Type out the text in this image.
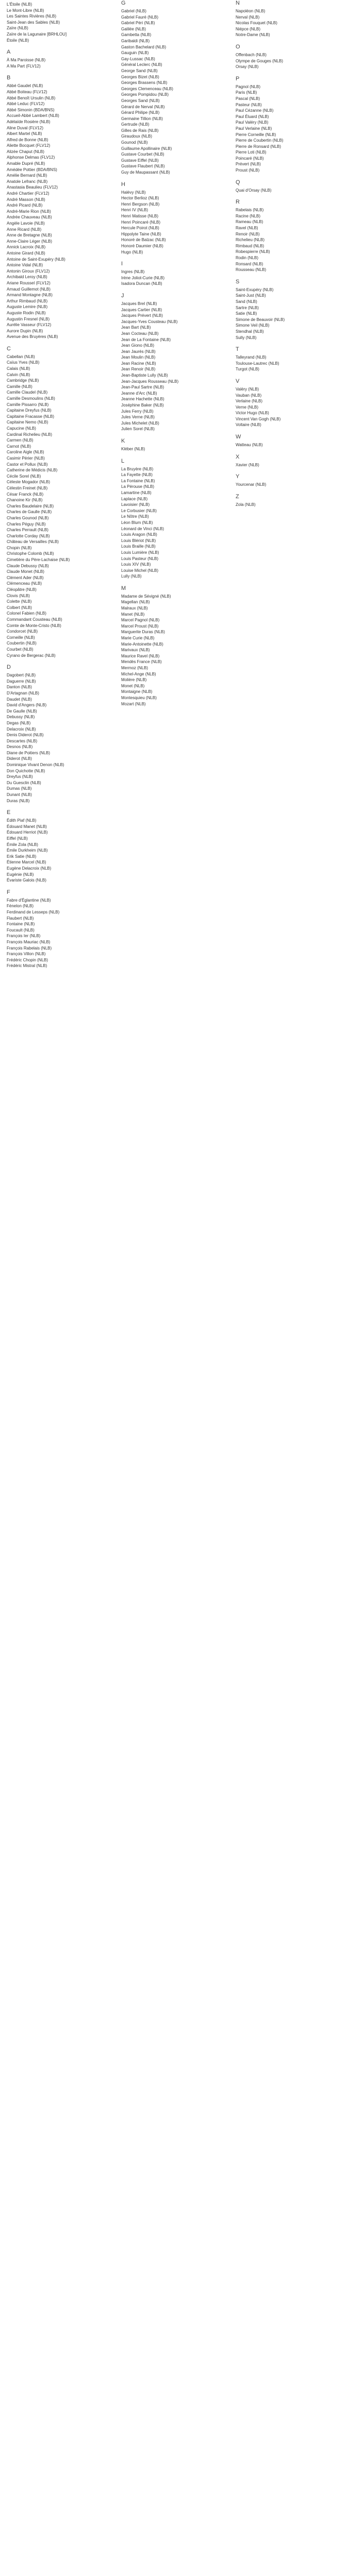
L'Étoile (NLB)
Le Mont-Libre (NLB)
Les Saintes Rivières (NLB)
Saint-Jean des Sables (NLB)
Zaïre (NLB)
Zaïre de la Lagunaire [BRHLOU]
Étoile (NLB)
A
À Ma Paroisse (NLB)
A Ma Part (FLV12)
B
Abbé Gaudet (NLB)
Abbé Boiteau (FLV12)
Abbé Benoît Ursulin (NLB)
Abbé Leduc (FLV12)
Abbé Simonin (BDA/BNS)
Accueil-Abbé Lambert (NLB)
Adélaïde Rosière (NLB)
Aline Duval (FLV12)
Albert Martel (NLB)
Alfred de Bonne (NLB)
Aliette Bocquet (FLV12)
Alizée Chaput (NLB)
Alphonse Delmas (FLV12)
Amable Dupré (NLB)
Amédée Pottier (BDA/BNS)
Amélie Bernard (NLB)
Anatole Lefranc (NLB)
Anastasia Beaulieu (FLV12)
André Chartier (FLV12)
André Masson (NLB)
André Picard (NLB)
André-Marie Rion (NLB)
Andrée Chauveau (NLB)
Angèle Lavoie (NLB)
Anne Ricard (NLB)
Anne de Bretagne (NLB)
Anne-Claire Léger (NLB)
Annick Lacroix (NLB)
Antoine Girard (NLB)
Antoine de Saint-Exupéry (NLB)
Antoine Vidal (NLB)
Antonin Giroux (FLV12)
Archibald Leroy (NLB)
Ariane Roussel (FLV12)
Arnaud Guillemot (NLB)
Armand Montagne (NLB)
Arthur Rimbaud (NLB)
Auguste Lemire (NLB)
Auguste Rodin (NLB)
Augustin Fresnel (NLB)
Aurélie Vasseur (FLV12)
Aurore Dupin (NLB)
Avenue des Bruyères (NLB)
C
Cabellan (NLB)
Caïus Yves (NLB)
Calais (NLB)
Calvin (NLB)
Cambridge (NLB)
Camille (NLB)
Camille Claudel (NLB)
Camille Desmoulins (NLB)
Camille Pissarro (NLB)
Capitaine Dreyfus (NLB)
Capitaine Fracasse (NLB)
Capitaine Nemo (NLB)
Capucine (NLB)
Cardinal Richelieu (NLB)
Carmen (NLB)
Carnot (NLB)
Caroline Aigle (NLB)
Casimir Périer (NLB)
Castor et Pollux (NLB)
Catherine de Médicis (NLB)
Cécile Sorel (NLB)
Céleste Mogador (NLB)
Célestin Freinet (NLB)
César Franck (NLB)
Chanoine Kir (NLB)
Charles Baudelaire (NLB)
Charles de Gaulle (NLB)
Charles Gounod (NLB)
Charles Péguy (NLB)
Charles Perrault (NLB)
Charlotte Corday (NLB)
Château de Versailles (NLB)
Chopin (NLB)
Christophe Colomb (NLB)
Cimetière du Père-Lachaise (NLB)
Claude Debussy (NLB)
Claude Monet (NLB)
Clément Ader (NLB)
Clémenceau (NLB)
Cléopâtre (NLB)
Clovis (NLB)
Colette (NLB)
Colbert (NLB)
Colonel Fabien (NLB)
Commandant Cousteau (NLB)
Comte de Monte-Cristo (NLB)
Condorcet (NLB)
Corneille (NLB)
Coubertin (NLB)
Courbet (NLB)
Cyrano de Bergerac (NLB)
D
Dagobert (NLB)
Daguerre (NLB)
Danton (NLB)
D'Artagnan (NLB)
Daudet (NLB)
David d'Angers (NLB)
De Gaulle (NLB)
Debussy (NLB)
Degas (NLB)
Delacroix (NLB)
Denis Diderot (NLB)
Descartes (NLB)
Desnos (NLB)
Diane de Poitiers (NLB)
Diderot (NLB)
Dominique Vivant Denon (NLB)
Don Quichotte (NLB)
Dreyfus (NLB)
Du Guesclin (NLB)
Dumas (NLB)
Dunant (NLB)
Duras (NLB)
E
Édith Piaf (NLB)
Édouard Manet (NLB)
Édouard Herriot (NLB)
Eiffel (NLB)
Émile Zola (NLB)
Émile Durkheim (NLB)
Erik Satie (NLB)
Étienne Marcel (NLB)
Eugène Delacroix (NLB)
Eugénie (NLB)
Évariste Galois (NLB)
F
Fabre d'Églantine (NLB)
Fénelon (NLB)
Ferdinand de Lesseps (NLB)
Flaubert (NLB)
Fontaine (NLB)
Foucault (NLB)
François Ier (NLB)
François Mauriac (NLB)
François Rabelais (NLB)
François Villon (NLB)
Frédéric Chopin (NLB)
Frédéric Mistral (NLB)
G
Gabriel (NLB)
Gabriel Fauré (NLB)
Gabriel Péri (NLB)
Galilée (NLB)
Gambetta (NLB)
Garibaldi (NLB)
Gaston Bachelard (NLB)
Gauguin (NLB)
Gay-Lussac (NLB)
Général Leclerc (NLB)
George Sand (NLB)
Georges Bizet (NLB)
Georges Brassens (NLB)
Georges Clemenceau (NLB)
Georges Pompidou (NLB)
Georges Sand (NLB)
Gérard de Nerval (NLB)
Gérard Philipe (NLB)
Germaine Tillion (NLB)
Gertrude (NLB)
Gilles de Rais (NLB)
Giraudoux (NLB)
Gounod (NLB)
Guillaume Apollinaire (NLB)
Gustave Courbet (NLB)
Gustave Eiffel (NLB)
Gustave Flaubert (NLB)
Guy de Maupassant (NLB)
H
Halévy (NLB)
Hector Berlioz (NLB)
Henri Bergson (NLB)
Henri IV (NLB)
Henri Matisse (NLB)
Henri Poincaré (NLB)
Hercule Poirot (NLB)
Hippolyte Taine (NLB)
Honoré de Balzac (NLB)
Honoré Daumier (NLB)
Hugo (NLB)
I
Ingres (NLB)
Irène Joliot-Curie (NLB)
Isadora Duncan (NLB)
J
Jacques Brel (NLB)
Jacques Cartier (NLB)
Jacques Prévert (NLB)
Jacques-Yves Cousteau (NLB)
Jean Bart (NLB)
Jean Cocteau (NLB)
Jean de La Fontaine (NLB)
Jean Giono (NLB)
Jean Jaurès (NLB)
Jean Moulin (NLB)
Jean Racine (NLB)
Jean Renoir (NLB)
Jean-Baptiste Lully (NLB)
Jean-Jacques Rousseau (NLB)
Jean-Paul Sartre (NLB)
Jeanne d'Arc (NLB)
Jeanne Hachette (NLB)
Joséphine Baker (NLB)
Jules Ferry (NLB)
Jules Verne (NLB)
Jules Michelet (NLB)
Julien Sorel (NLB)
K
Kléber (NLB)
L
La Bruyère (NLB)
La Fayette (NLB)
La Fontaine (NLB)
La Pérouse (NLB)
Lamartine (NLB)
Laplace (NLB)
Lavoisier (NLB)
Le Corbusier (NLB)
Le Nôtre (NLB)
Léon Blum (NLB)
Léonard de Vinci (NLB)
Louis Aragon (NLB)
Louis Blériot (NLB)
Louis Braille (NLB)
Louis Lumière (NLB)
Louis Pasteur (NLB)
Louis XIV (NLB)
Louise Michel (NLB)
Lully (NLB)
M
Madame de Sévigné (NLB)
Magellan (NLB)
Malraux (NLB)
Manet (NLB)
Marcel Pagnol (NLB)
Marcel Proust (NLB)
Marguerite Duras (NLB)
Marie Curie (NLB)
Marie-Antoinette (NLB)
Marivaux (NLB)
Maurice Ravel (NLB)
Mendès France (NLB)
Mermoz (NLB)
Michel-Ange (NLB)
Molière (NLB)
Monet (NLB)
Montaigne (NLB)
Montesquieu (NLB)
Mozart (NLB)
N
Napoléon (NLB)
Nerval (NLB)
Nicolas Fouquet (NLB)
Niépce (NLB)
Notre-Dame (NLB)
O
Offenbach (NLB)
Olympe de Gouges (NLB)
Orsay (NLB)
P
Pagnol (NLB)
Paris (NLB)
Pascal (NLB)
Pasteur (NLB)
Paul Cézanne (NLB)
Paul Éluard (NLB)
Paul Valéry (NLB)
Paul Verlaine (NLB)
Pierre Corneille (NLB)
Pierre de Coubertin (NLB)
Pierre de Ronsard (NLB)
Pierre Loti (NLB)
Poincaré (NLB)
Prévert (NLB)
Proust (NLB)
Q
Quai d'Orsay (NLB)
R
Rabelais (NLB)
Racine (NLB)
Rameau (NLB)
Ravel (NLB)
Renoir (NLB)
Richelieu (NLB)
Rimbaud (NLB)
Robespierre (NLB)
Rodin (NLB)
Ronsard (NLB)
Rousseau (NLB)
S
Saint-Exupéry (NLB)
Saint-Just (NLB)
Sand (NLB)
Sartre (NLB)
Satie (NLB)
Simone de Beauvoir (NLB)
Simone Veil (NLB)
Stendhal (NLB)
Sully (NLB)
T
Talleyrand (NLB)
Toulouse-Lautrec (NLB)
Turgot (NLB)
V
Valéry (NLB)
Vauban (NLB)
Verlaine (NLB)
Verne (NLB)
Victor Hugo (NLB)
Vincent Van Gogh (NLB)
Voltaire (NLB)
W
Watteau (NLB)
X
Xavier (NLB)
Y
Yourcenar (NLB)
Z
Zola (NLB)
